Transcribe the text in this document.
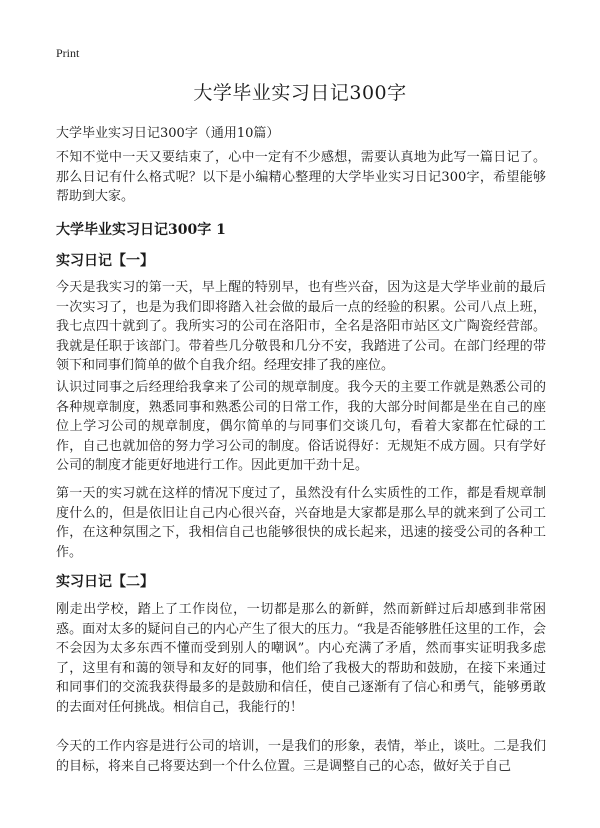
Print
大学毕业实习日记300字

大学毕业实习日记300字（通用10篇）

不知不觉中一天又要结束了，心中一定有不少感想，需要认真地为此写一篇日记了。那么日记有什么格式呢？以下是小编精心整理的大学毕业实习日记300字，希望能够帮助到大家。

大学毕业实习日记300字 1

实习日记【一】

今天是我实习的第一天，早上醒的特别早，也有些兴奋，因为这是大学毕业前的最后一次实习了，也是为我们即将踏入社会做的最后一点的经验的积累。公司八点上班，我七点四十就到了。我所实习的公司在洛阳市，全名是洛阳市站区文广陶瓷经营部。我就是任职于该部门。带着些几分敬畏和几分不安，我踏进了公司。在部门经理的带领下和同事们简单的做个自我介绍。经理安排了我的座位。

认识过同事之后经理给我拿来了公司的规章制度。我今天的主要工作就是熟悉公司的各种规章制度，熟悉同事和熟悉公司的日常工作，我的大部分时间都是坐在自己的座位上学习公司的规章制度，偶尔简单的与同事们交谈几句，看着大家都在忙碌的工作，自己也就加倍的努力学习公司的制度。俗话说得好：无规矩不成方圆。只有学好公司的制度才能更好地进行工作。因此更加干劲十足。

第一天的实习就在这样的情况下度过了，虽然没有什么实质性的工作，都是看规章制度什么的，但是依旧让自己内心很兴奋，兴奋地是大家都是那么早的就来到了公司工作，在这种氛围之下，我相信自己也能够很快的成长起来，迅速的接受公司的各种工作。

实习日记【二】

刚走出学校，踏上了工作岗位，一切都是那么的新鲜，然而新鲜过后却感到非常困惑。面对太多的疑问自己的内心产生了很大的压力。“我是否能够胜任这里的工作，会不会因为太多东西不懂而受到别人的嘲讽”。内心充满了矛盾，然而事实证明我多虑了，这里有和蔼的领导和友好的同事，他们给了我极大的帮助和鼓励，在接下来通过和同事们的交流我获得最多的是鼓励和信任，使自己逐渐有了信心和勇气，能够勇敢的去面对任何挑战。相信自己，我能行的！

今天的工作内容是进行公司的培训，一是我们的形象，表情，举止，谈吐。二是我们的目标，将来自己将要达到一个什么位置。三是调整自己的心态，做好关于自己
